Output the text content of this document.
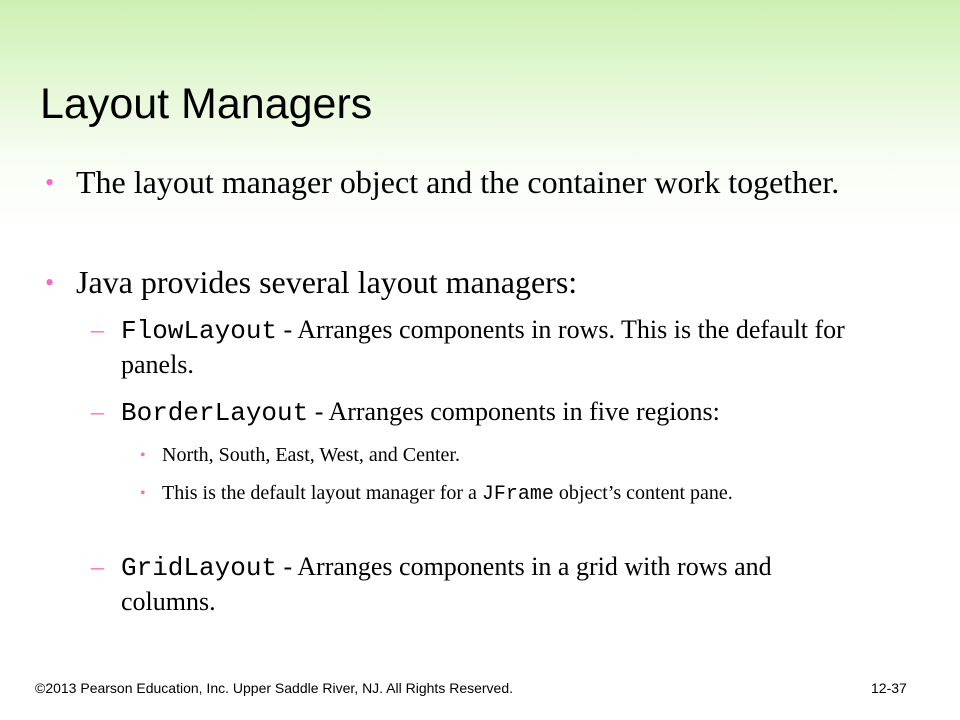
Layout Managers
• The layout manager object and the container work together.
• Java provides several layout managers:
– FlowLayout - Arranges components in rows. This is the default for panels.
– BorderLayout - Arranges components in five regions:
• North, South, East, West, and Center.
• This is the default layout manager for a JFrame object’s content pane.
– GridLayout - Arranges components in a grid with rows and columns.
©2013 Pearson Education, Inc. Upper Saddle River, NJ. All Rights Reserved.	12-37
